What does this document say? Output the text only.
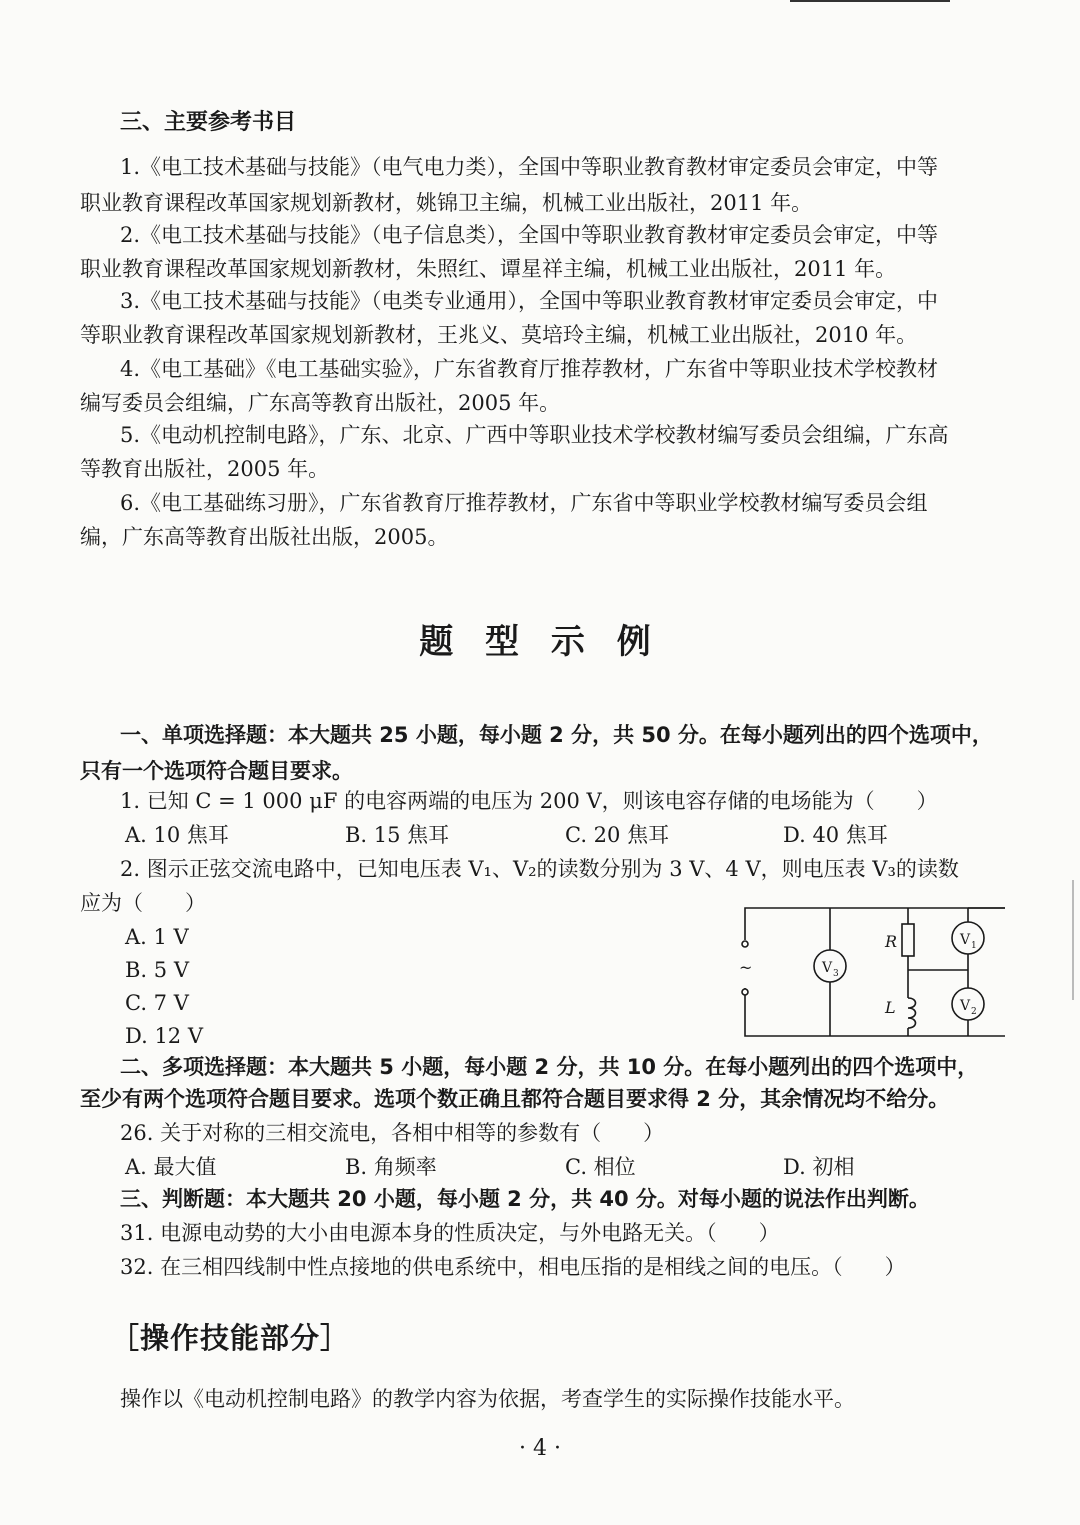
三、主要参考书目
1.《电工技术基础与技能》（电气电力类），全国中等职业教育教材审定委员会审定，中等
职业教育课程改革国家规划新教材，姚锦卫主编，机械工业出版社，2011 年。
2.《电工技术基础与技能》（电子信息类），全国中等职业教育教材审定委员会审定，中等
职业教育课程改革国家规划新教材，朱照红、谭星祥主编，机械工业出版社，2011 年。
3.《电工技术基础与技能》（电类专业通用），全国中等职业教育教材审定委员会审定，中
等职业教育课程改革国家规划新教材，王兆义、莫培玲主编，机械工业出版社，2010 年。
4.《电工基础》《电工基础实验》，广东省教育厅推荐教材，广东省中等职业技术学校教材
编写委员会组编，广东高等教育出版社，2005 年。
5.《电动机控制电路》，广东、北京、广西中等职业技术学校教材编写委员会组编，广东高
等教育出版社，2005 年。
6.《电工基础练习册》，广东省教育厅推荐教材，广东省中等职业学校教材编写委员会组
编，广东高等教育出版社出版，2005。
题 型 示 例
一、单项选择题：本大题共 25 小题，每小题 2 分，共 50 分。在每小题列出的四个选项中，
只有一个选项符合题目要求。
1. 已知 C = 1 000 μF 的电容两端的电压为 200 V，则该电容存储的电场能为（　　）
A. 10 焦耳	B. 15 焦耳	C. 20 焦耳	D. 40 焦耳
2. 图示正弦交流电路中，已知电压表 V₁、V₂的读数分别为 3 V、4 V，则电压表 V₃的读数
应为（　　）
A. 1 V
B. 5 V
C. 7 V
D. 12 V
~
R
L
V 3
V 1
V 2
二、多项选择题：本大题共 5 小题，每小题 2 分，共 10 分。在每小题列出的四个选项中，
至少有两个选项符合题目要求。选项个数正确且都符合题目要求得 2 分，其余情况均不给分。
26. 关于对称的三相交流电，各相中相等的参数有（　　）
A. 最大值	B. 角频率	C. 相位	D. 初相
三、判断题：本大题共 20 小题，每小题 2 分，共 40 分。对每小题的说法作出判断。
31. 电源电动势的大小由电源本身的性质决定，与外电路无关。（　　）
32. 在三相四线制中性点接地的供电系统中，相电压指的是相线之间的电压。（　　）
［操作技能部分］
操作以《电动机控制电路》的教学内容为依据，考查学生的实际操作技能水平。
· 4 ·
